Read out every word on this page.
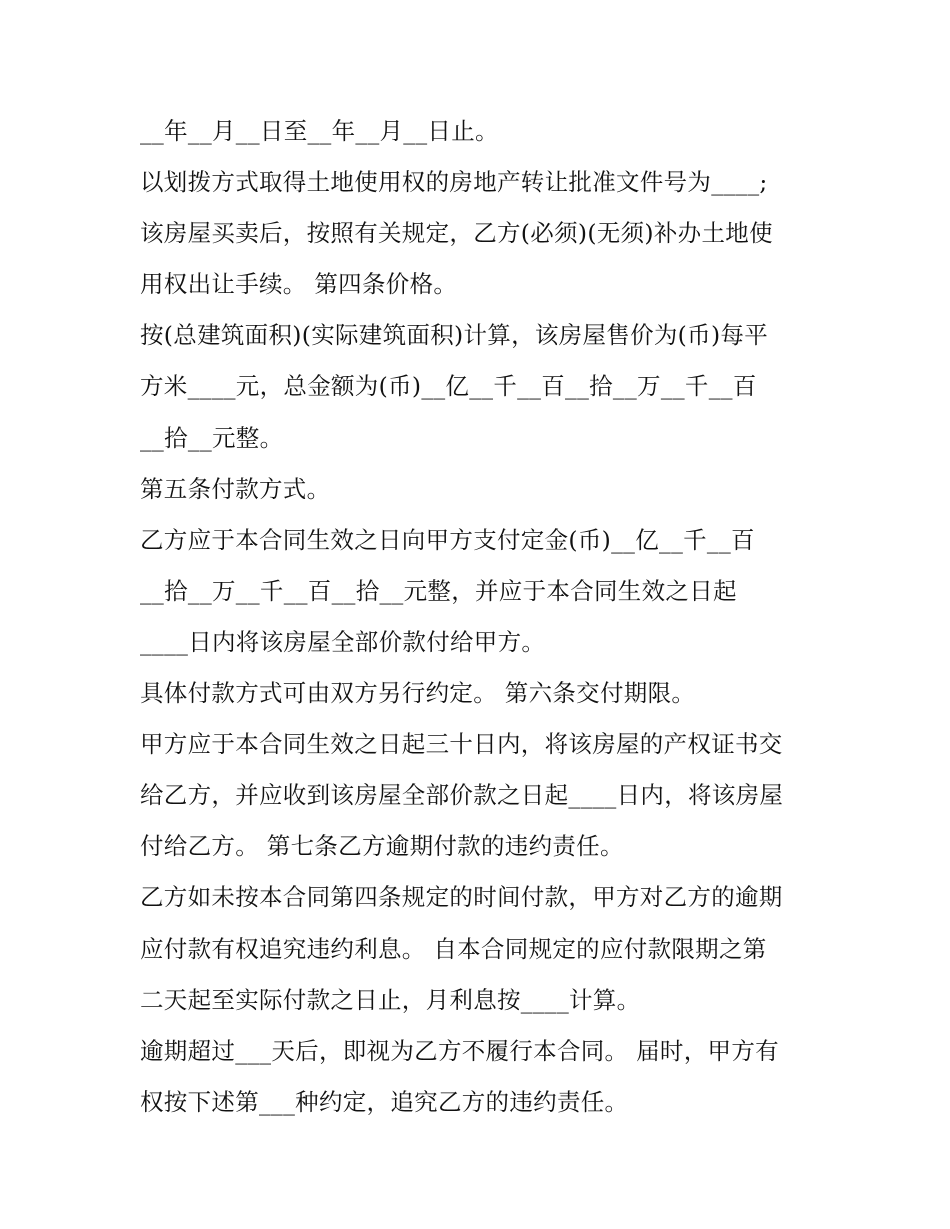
__年__月__日至__年__月__日止。
以划拨方式取得土地使用权的房地产转让批准文件号为____;
该房屋买卖后，按照有关规定，乙方(必须)(无须)补办土地使
用权出让手续。 第四条价格。
按(总建筑面积)(实际建筑面积)计算，该房屋售价为(币)每平
方米____元，总金额为(币)__亿__千__百__拾__万__千__百
__拾__元整。
第五条付款方式。
乙方应于本合同生效之日向甲方支付定金(币)__亿__千__百
__拾__万__千__百__拾__元整，并应于本合同生效之日起
____日内将该房屋全部价款付给甲方。
具体付款方式可由双方另行约定。 第六条交付期限。
甲方应于本合同生效之日起三十日内，将该房屋的产权证书交
给乙方，并应收到该房屋全部价款之日起____日内，将该房屋
付给乙方。 第七条乙方逾期付款的违约责任。
乙方如未按本合同第四条规定的时间付款，甲方对乙方的逾期
应付款有权追究违约利息。 自本合同规定的应付款限期之第
二天起至实际付款之日止，月利息按____计算。
逾期超过___天后，即视为乙方不履行本合同。 届时，甲方有
权按下述第___种约定，追究乙方的违约责任。
